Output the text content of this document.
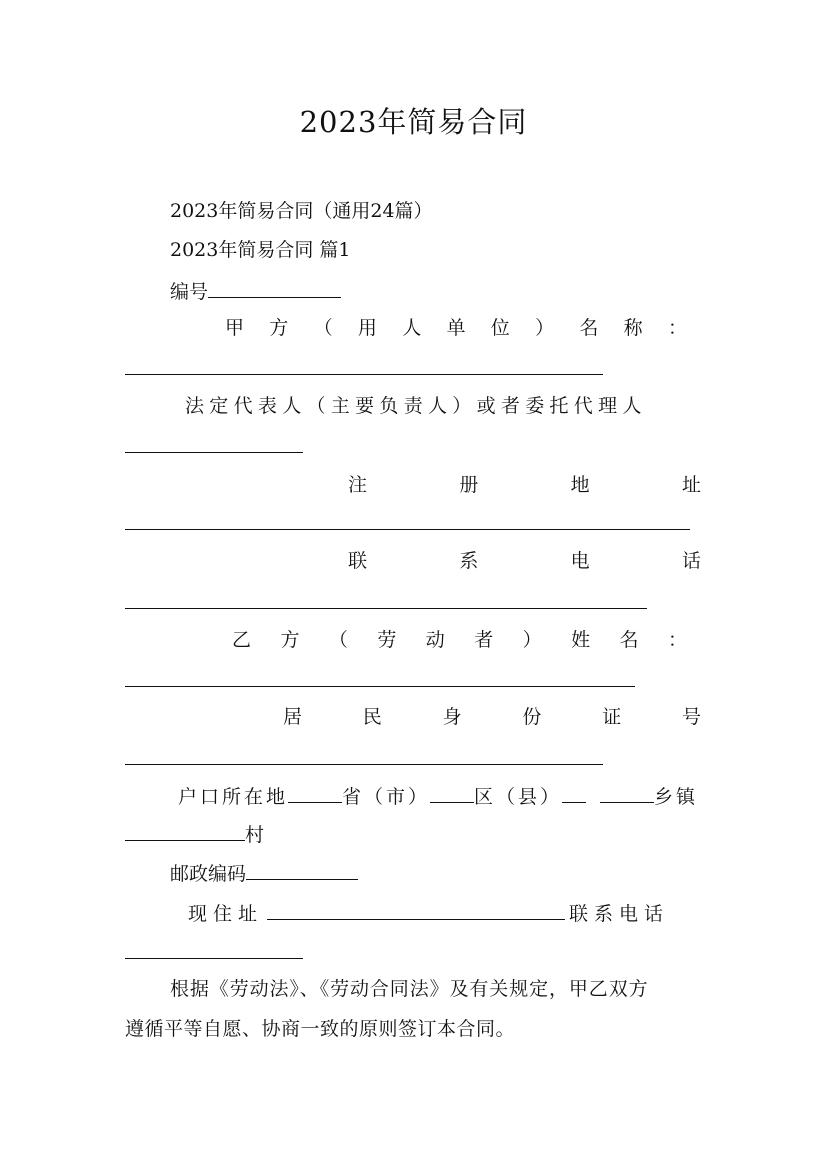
2023年简易合同
2023年简易合同（通用24篇）
2023年简易合同 篇1
编号
甲 方 （ 用 人 单 位 ） 名 称 ：
法定代表人（主要负责人）或者委托代理人
注	册	地	址
联	系	电	话
乙 方 （ 劳 动 者 ） 姓 名 ：
居	民	身	份	证	号
户口所在地	省（市） 区（县）	乡镇
村
邮政编码
现住址	联系电话
根据《劳动法》、《劳动合同法》及有关规定，甲乙双方
遵循平等自愿、协商一致的原则签订本合同。
